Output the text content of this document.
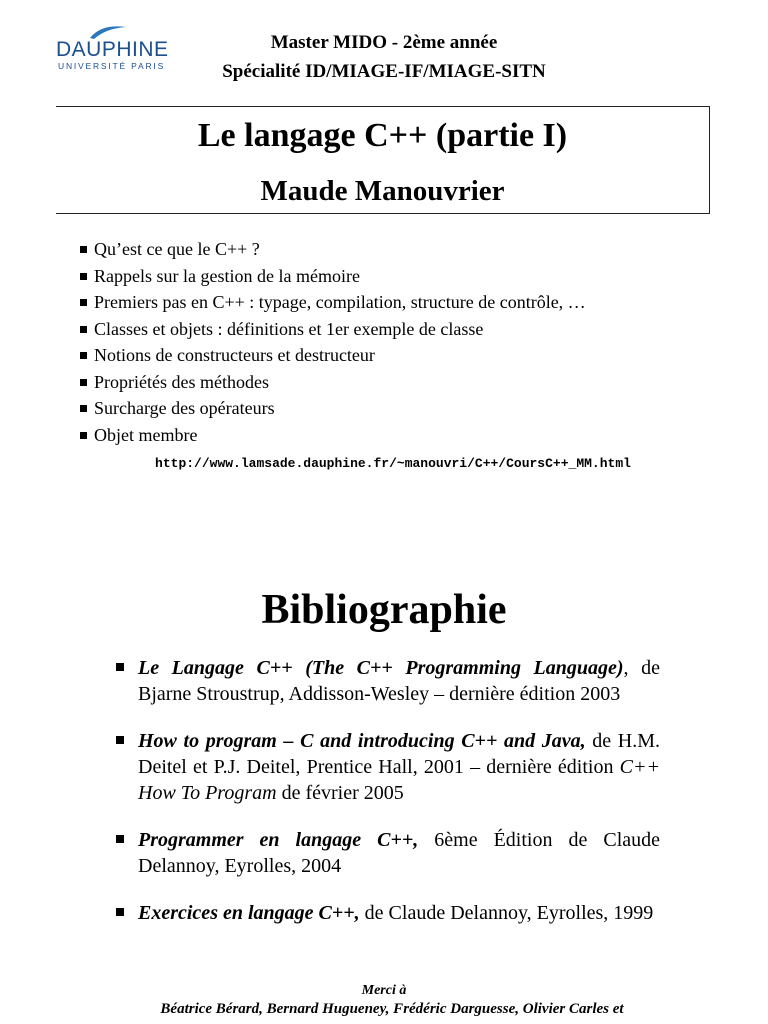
DAUPHINE
UNIVERSITÉ PARIS
Master MIDO - 2ème année
Spécialité ID/MIAGE-IF/MIAGE-SITN
Le langage C++ (partie I)
Maude Manouvrier
Qu’est ce que le C++ ?
Rappels sur la gestion de la mémoire
Premiers pas en C++ : typage, compilation, structure de contrôle, …
Classes et objets : définitions et 1er exemple de classe
Notions de constructeurs et destructeur
Propriétés des méthodes
Surcharge des opérateurs
Objet membre
http://www.lamsade.dauphine.fr/~manouvri/C++/CoursC++_MM.html
Bibliographie
Le Langage C++ (The C++ Programming Language), de Bjarne Stroustrup, Addisson-Wesley – dernière édition 2003
How to program – C and introducing C++ and Java, de H.M. Deitel et P.J. Deitel, Prentice Hall, 2001 – dernière édition C++ How To Program de février 2005
Programmer en langage C++, 6ème Édition de Claude Delannoy, Eyrolles, 2004
Exercices en langage C++, de Claude Delannoy, Eyrolles, 1999
Merci à
Béatrice Bérard, Bernard Hugueney, Frédéric Darguesse, Olivier Carles et
